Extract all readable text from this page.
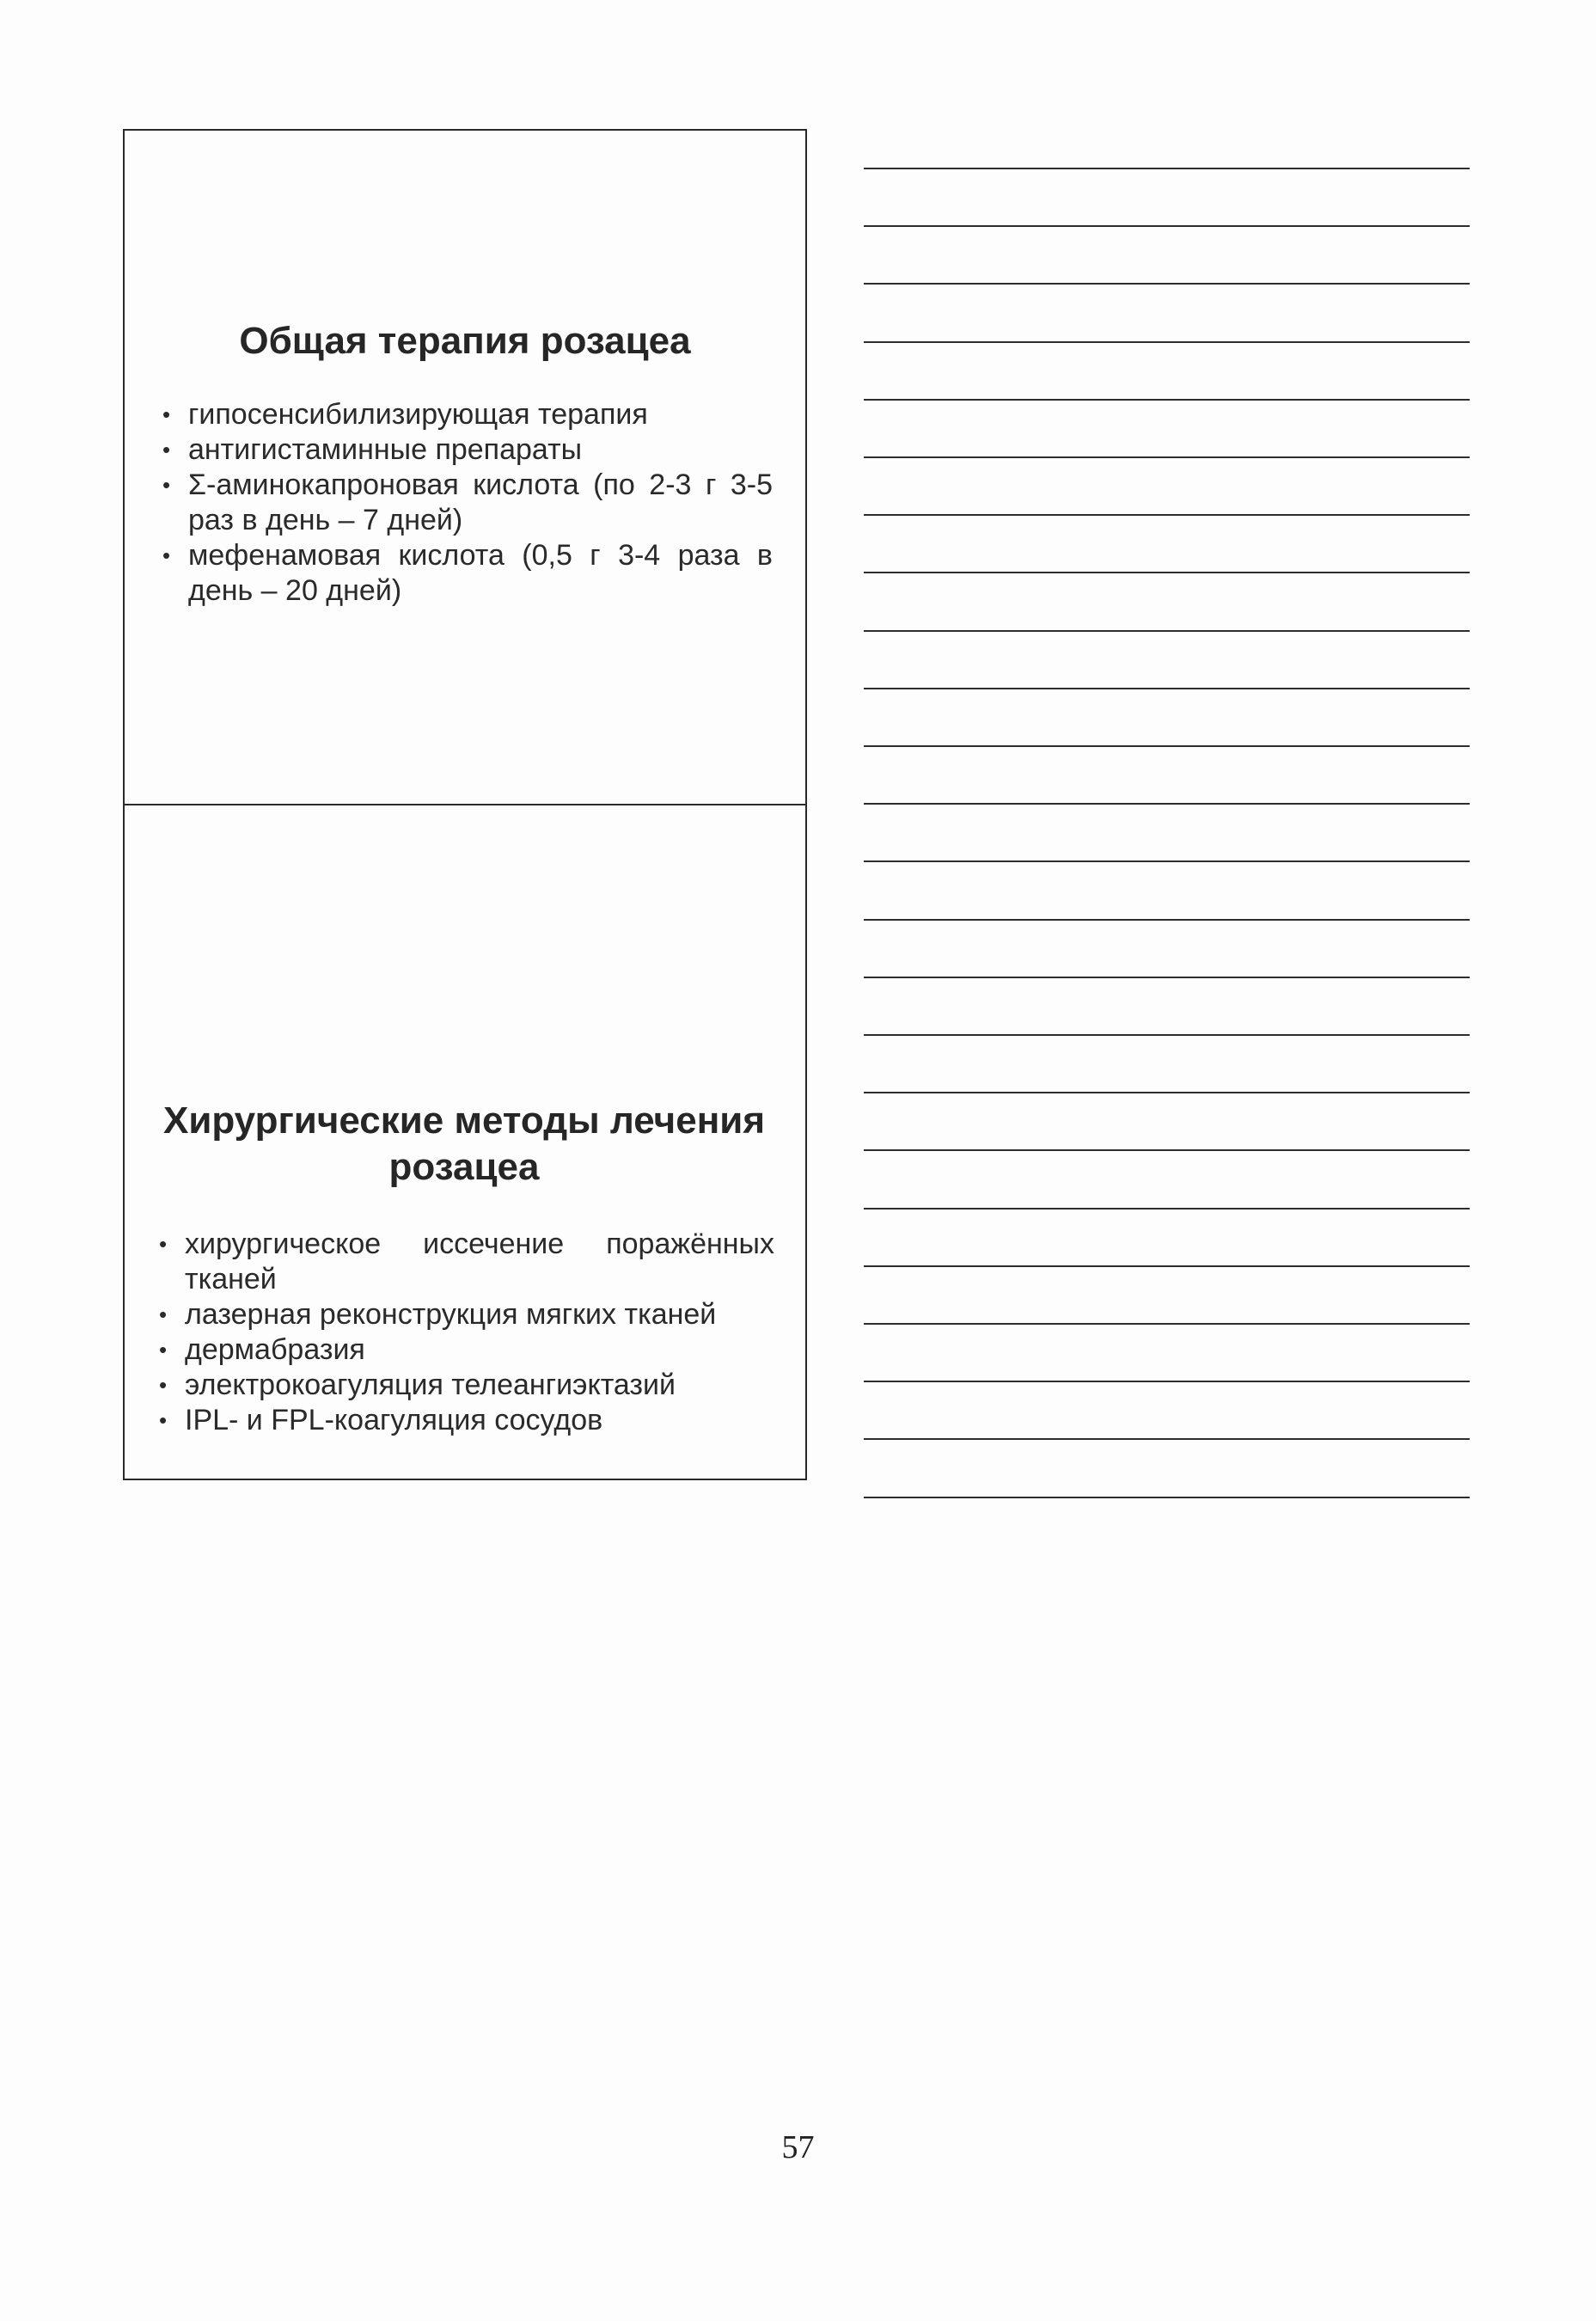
Общая терапия розацеа
• гипосенсибилизирующая терапия
• антигистаминные препараты
• Σ-аминокапроновая кислота (по 2-3 г 3-5 раз в день – 7 дней)
• мефенамовая кислота (0,5 г 3-4 раза в день – 20 дней)
Хирургические методы лечения розацеа
• хирургическое иссечение поражённых тканей
• лазерная реконструкция мягких тканей
• дермабразия
• электрокоагуляция телеангиэктазий
• IPL- и FPL-коагуляция сосудов
57
